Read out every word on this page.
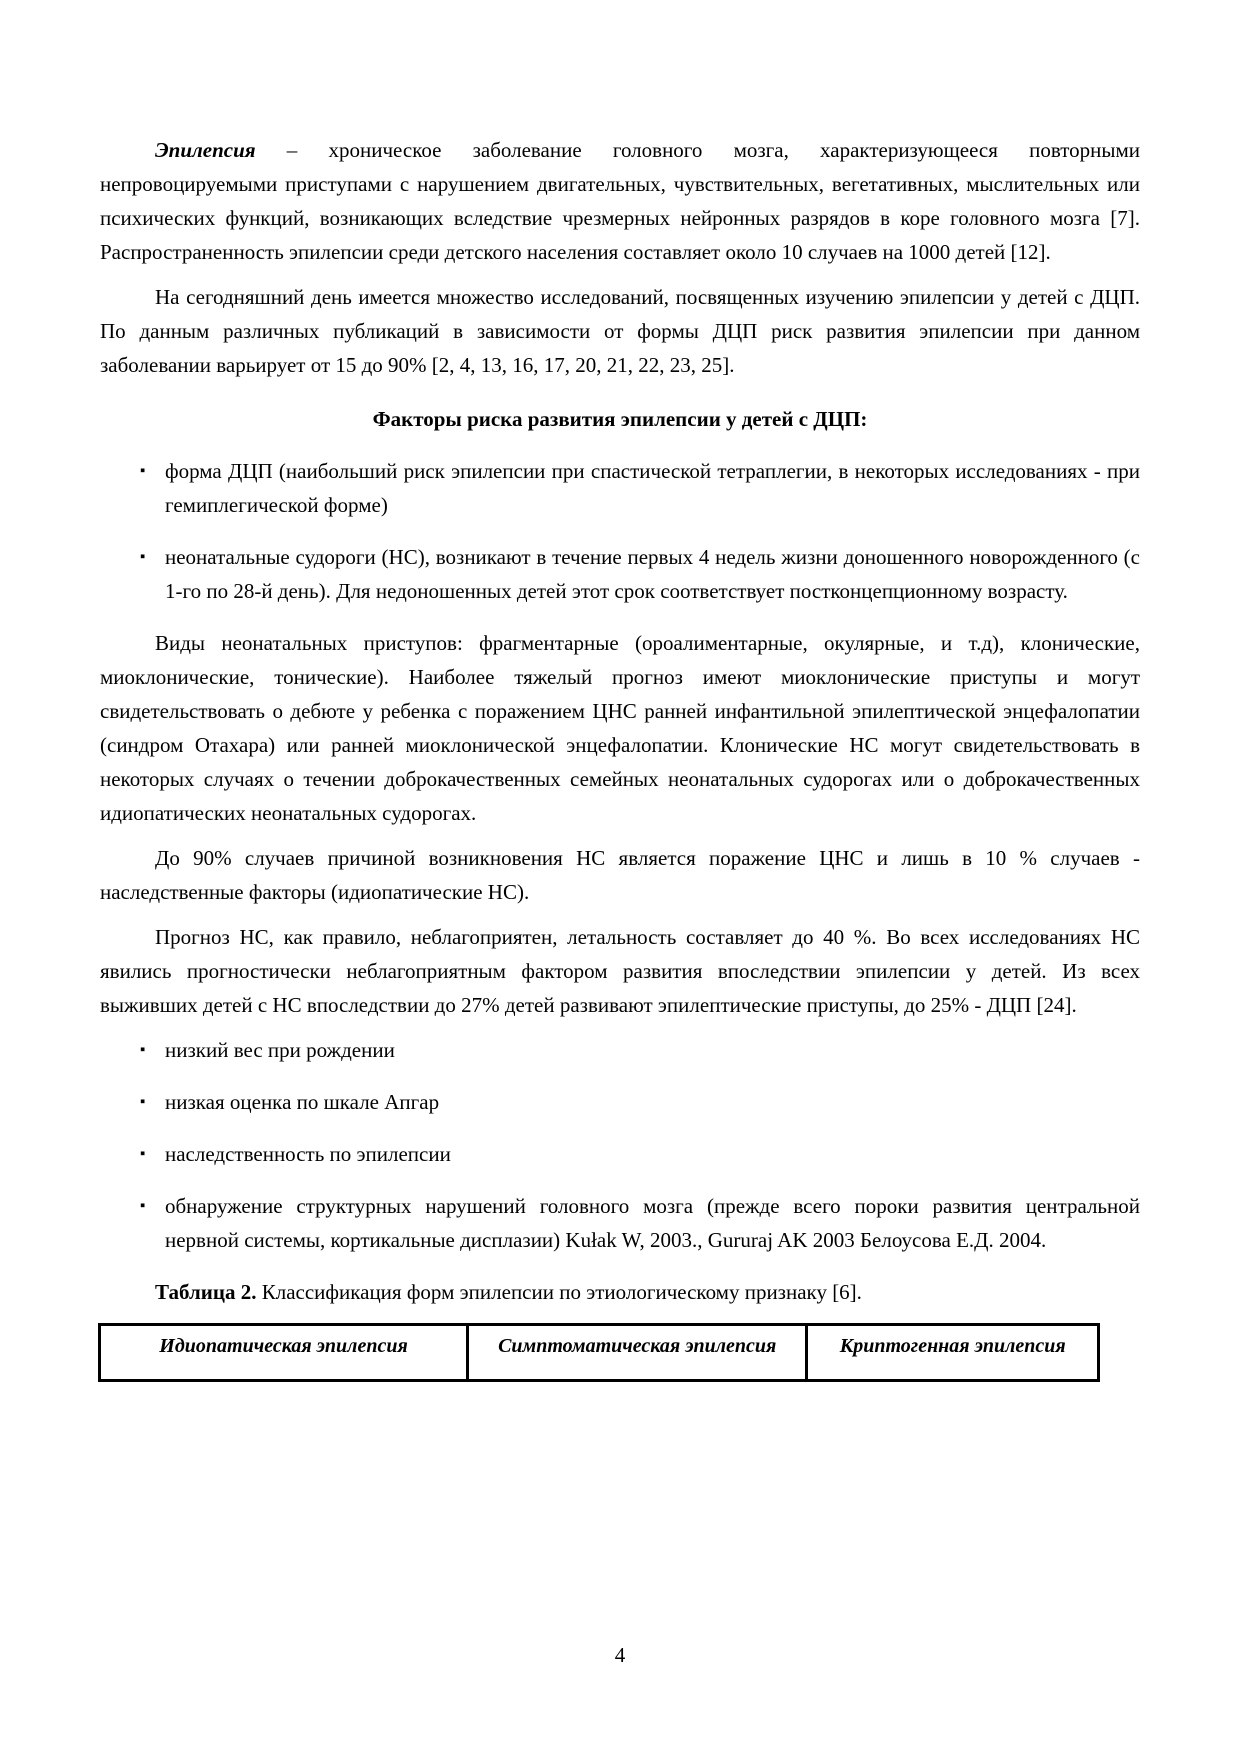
Эпилепсия – хроническое заболевание головного мозга, характеризующееся повторными непровоцируемыми приступами с нарушением двигательных, чувствительных, вегетативных, мыслительных или психических функций, возникающих вследствие чрезмерных нейронных разрядов в коре головного мозга [7]. Распространенность эпилепсии среди детского населения составляет около 10 случаев на 1000 детей [12].

На сегодняшний день имеется множество исследований, посвященных изучению эпилепсии у детей с ДЦП. По данным различных публикаций в зависимости от формы ДЦП риск развития эпилепсии при данном заболевании варьирует от 15 до 90% [2, 4, 13, 16, 17, 20, 21, 22, 23, 25].

Факторы риска развития эпилепсии у детей с ДЦП:
▪ форма ДЦП (наибольший риск эпилепсии при спастической тетраплегии, в некоторых исследованиях - при гемиплегической форме)
▪ неонатальные судороги (НС), возникают в течение первых 4 недель жизни доношенного новорожденного (с 1-го по 28-й день). Для недоношенных детей этот срок соответствует постконцепционному возрасту.

Виды неонатальных приступов: фрагментарные (ороалиментарные, окулярные, и т.д), клонические, миоклонические, тонические). Наиболее тяжелый прогноз имеют миоклонические приступы и могут свидетельствовать о дебюте у ребенка с поражением ЦНС ранней инфантильной эпилептической энцефалопатии (синдром Отахара) или ранней миоклонической энцефалопатии. Клонические НС могут свидетельствовать в некоторых случаях о течении доброкачественных семейных неонатальных судорогах или о доброкачественных идиопатических неонатальных судорогах.

До 90% случаев причиной возникновения НС является поражение ЦНС и лишь в 10 % случаев - наследственные факторы (идиопатические НС).

Прогноз НС, как правило, неблагоприятен, летальность составляет до 40 %. Во всех исследованиях НС явились прогностически неблагоприятным фактором развития впоследствии эпилепсии у детей. Из всех выживших детей с НС впоследствии до 27% детей развивают эпилептические приступы, до 25% - ДЦП [24].

▪ низкий вес при рождении
▪ низкая оценка по шкале Апгар
▪ наследственность по эпилепсии
▪ обнаружение структурных нарушений головного мозга (прежде всего пороки развития центральной нервной системы, кортикальные дисплазии) Kułak W, 2003., Gururaj AK 2003 Белоусова Е.Д. 2004.

Таблица 2. Классификация форм эпилепсии по этиологическому признаку [6].

Идиопатическая эпилепсия	Симптоматическая эпилепсия	Криптогенная эпилепсия
4
